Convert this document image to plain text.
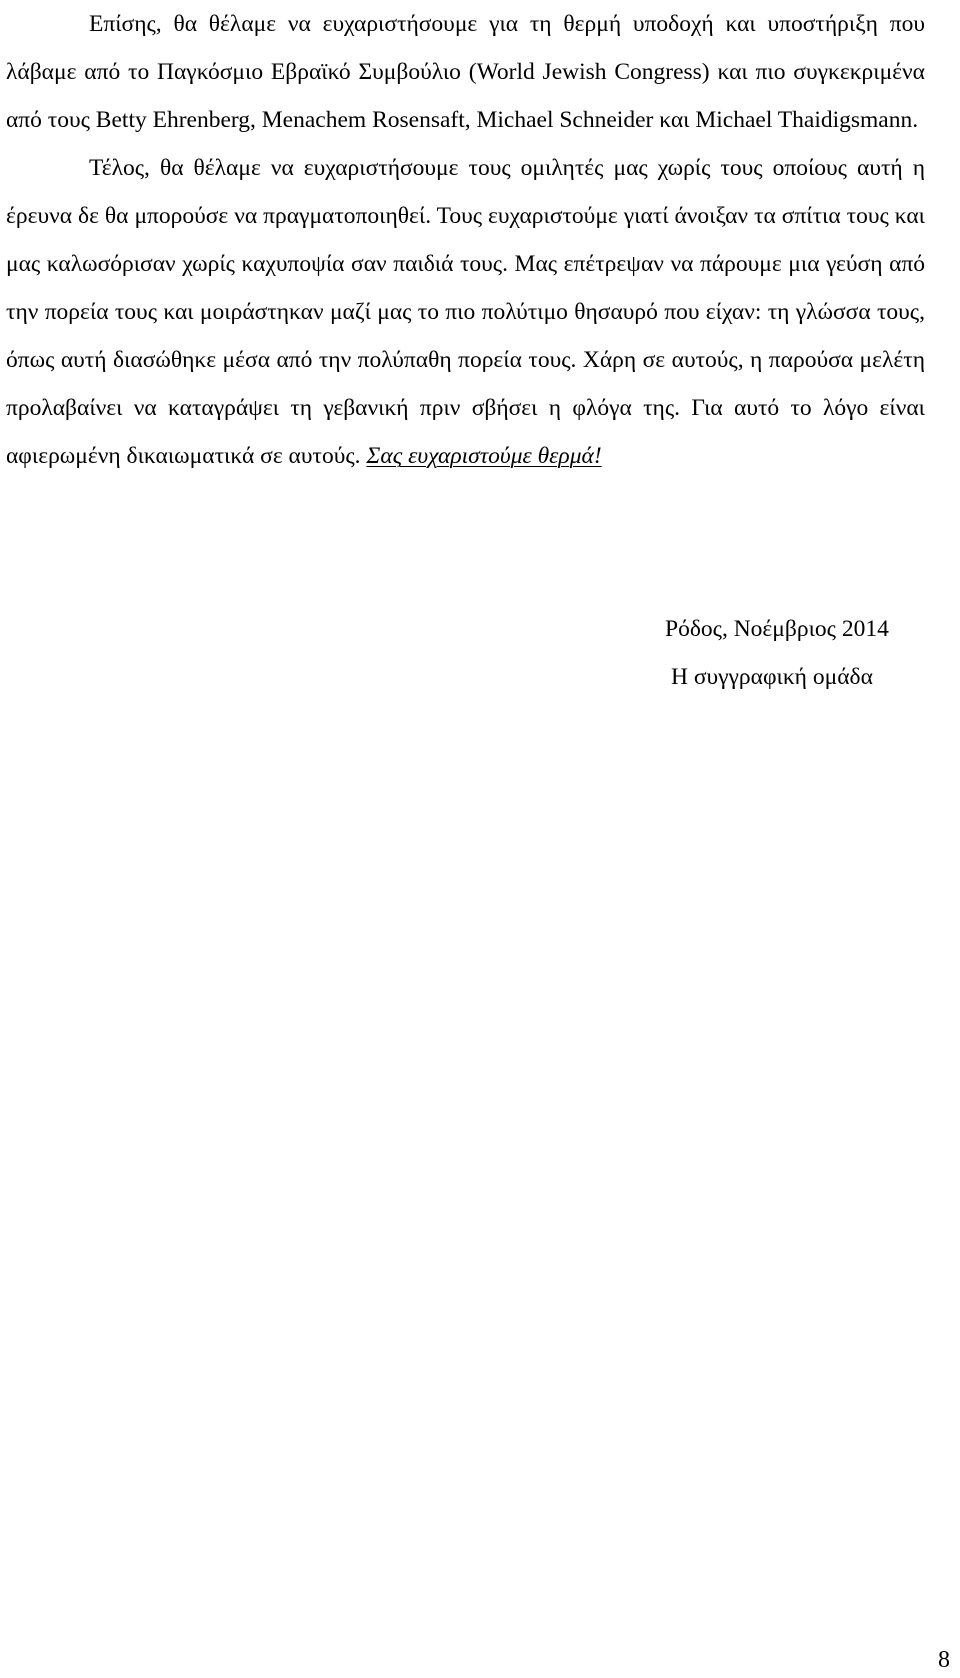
Επίσης, θα θέλαμε να ευχαριστήσουμε για τη θερμή υποδοχή και υποστήριξη που λάβαμε από το Παγκόσμιο Εβραϊκό Συμβούλιο (World Jewish Congress) και πιο συγκεκριμένα από τους Betty Ehrenberg, Menachem Rosensaft, Michael Schneider και Michael Thaidigsmann.

Τέλος, θα θέλαμε να ευχαριστήσουμε τους ομιλητές μας χωρίς τους οποίους αυτή η έρευνα δε θα μπορούσε να πραγματοποιηθεί. Τους ευχαριστούμε γιατί άνοιξαν τα σπίτια τους και μας καλωσόρισαν χωρίς καχυποψία σαν παιδιά τους. Μας επέτρεψαν να πάρουμε μια γεύση από την πορεία τους και μοιράστηκαν μαζί μας το πιο πολύτιμο θησαυρό που είχαν: τη γλώσσα τους, όπως αυτή διασώθηκε μέσα από την πολύπαθη πορεία τους. Χάρη σε αυτούς, η παρούσα μελέτη προλαβαίνει να καταγράψει τη γεβανική πριν σβήσει η φλόγα της. Για αυτό το λόγο είναι αφιερωμένη δικαιωματικά σε αυτούς. Σας ευχαριστούμε θερμά!

Ρόδος, Νοέμβριος 2014
Η συγγραφική ομάδα
8
